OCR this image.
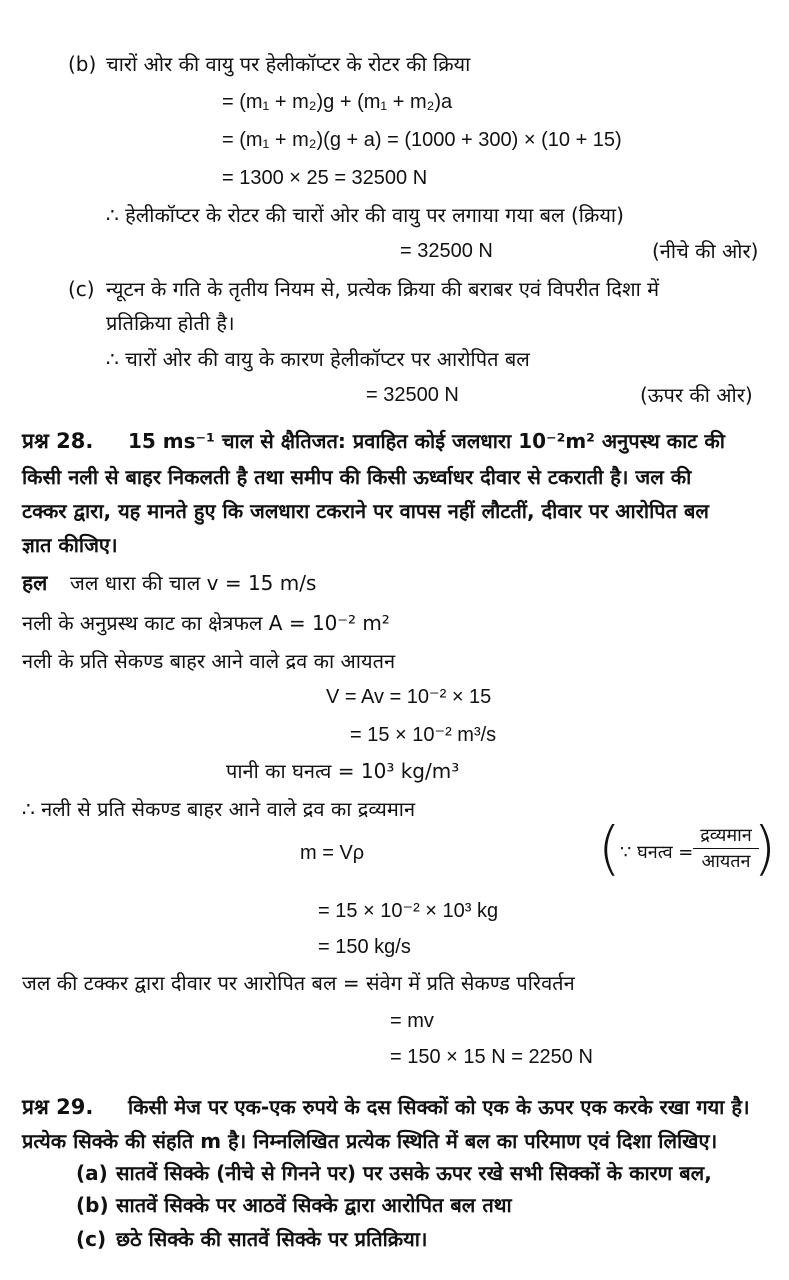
(b) चारों ओर की वायु पर हेलीकॉप्टर के रोटर की क्रिया
= (m₁ + m₂)g + (m₁ + m₂)a
= (m₁ + m₂)(g + a) = (1000 + 300) × (10 + 15)
= 1300 × 25 = 32500 N
∴ हेलीकॉप्टर के रोटर की चारों ओर की वायु पर लगाया गया बल (क्रिया)
= 32500 N	(नीचे की ओर)
(c) न्यूटन के गति के तृतीय नियम से, प्रत्येक क्रिया की बराबर एवं विपरीत दिशा में
प्रतिक्रिया होती है।
∴ चारों ओर की वायु के कारण हेलीकॉप्टर पर आरोपित बल
= 32500 N	(ऊपर की ओर)
प्रश्न 28. 15 ms⁻¹ चाल से क्षैतिजत: प्रवाहित कोई जलधारा 10⁻²m² अनुपस्थ काट की
किसी नली से बाहर निकलती है तथा समीप की किसी ऊर्ध्वाधर दीवार से टकराती है। जल की
टक्कर द्वारा, यह मानते हुए कि जलधारा टकराने पर वापस नहीं लौटतीं, दीवार पर आरोपित बल
ज्ञात कीजिए।
हल जल धारा की चाल v = 15 m/s
नली के अनुप्रस्थ काट का क्षेत्रफल A = 10⁻² m²
नली के प्रति सेकण्ड बाहर आने वाले द्रव का आयतन
V = Av = 10⁻² × 15
= 15 × 10⁻² m³/s
पानी का घनत्व = 10³ kg/m³
∴ नली से प्रति सेकण्ड बाहर आने वाले द्रव का द्रव्यमान
m = Vρ	( ∵ घनत्व =
द्रव्यमान
आयतन )
= 15 × 10⁻² × 10³ kg
= 150 kg/s
जल की टक्कर द्वारा दीवार पर आरोपित बल = संवेग में प्रति सेकण्ड परिवर्तन
= mv
= 150 × 15 N = 2250 N
प्रश्न 29. किसी मेज पर एक-एक रुपये के दस सिक्कों को एक के ऊपर एक करके रखा गया है।
प्रत्येक सिक्के की संहति m है। निम्नलिखित प्रत्येक स्थिति में बल का परिमाण एवं दिशा लिखिए।
(a) सातवें सिक्के (नीचे से गिनने पर) पर उसके ऊपर रखे सभी सिक्कों के कारण बल,
(b) सातवें सिक्के पर आठवें सिक्के द्वारा आरोपित बल तथा
(c) छठे सिक्के की सातवें सिक्के पर प्रतिक्रिया।
